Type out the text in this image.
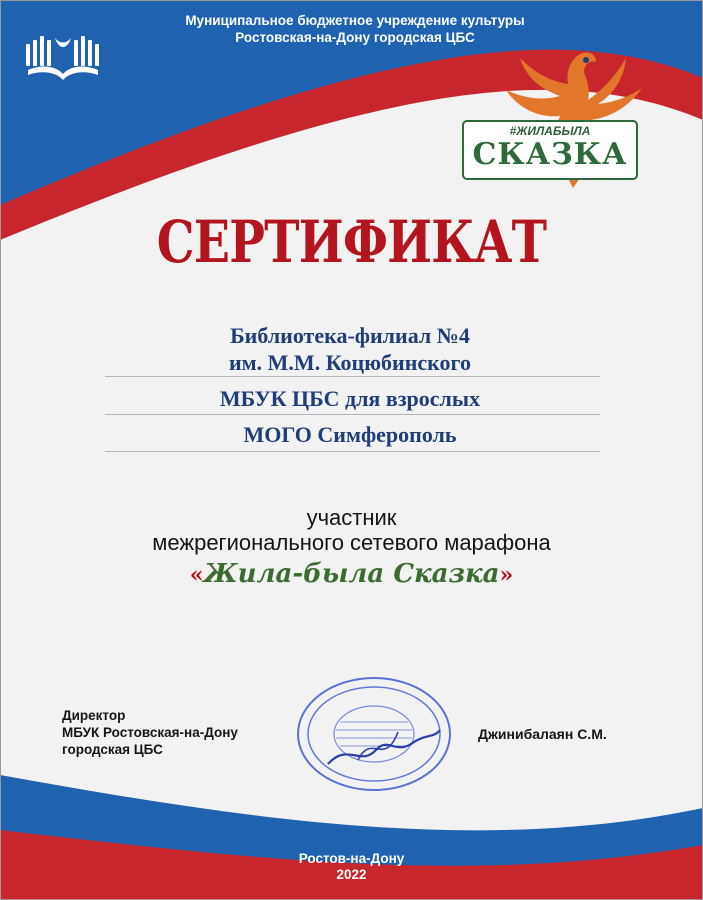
Муниципальное бюджетное учреждение культуры
Ростовская-на-Дону городская ЦБС
#ЖИЛАБЫЛА
СКАЗКА
СЕРТИФИКАТ
Библиотека-филиал №4
им. М.М. Коцюбинского
МБУК ЦБС для взрослых
МОГО Симферополь
участник
межрегионального сетевого марафона
«Жила-была Сказка»
Директор
МБУК Ростовская-на-Дону
городская ЦБС
Джинибалаян С.М.
Ростов-на-Дону
2022
